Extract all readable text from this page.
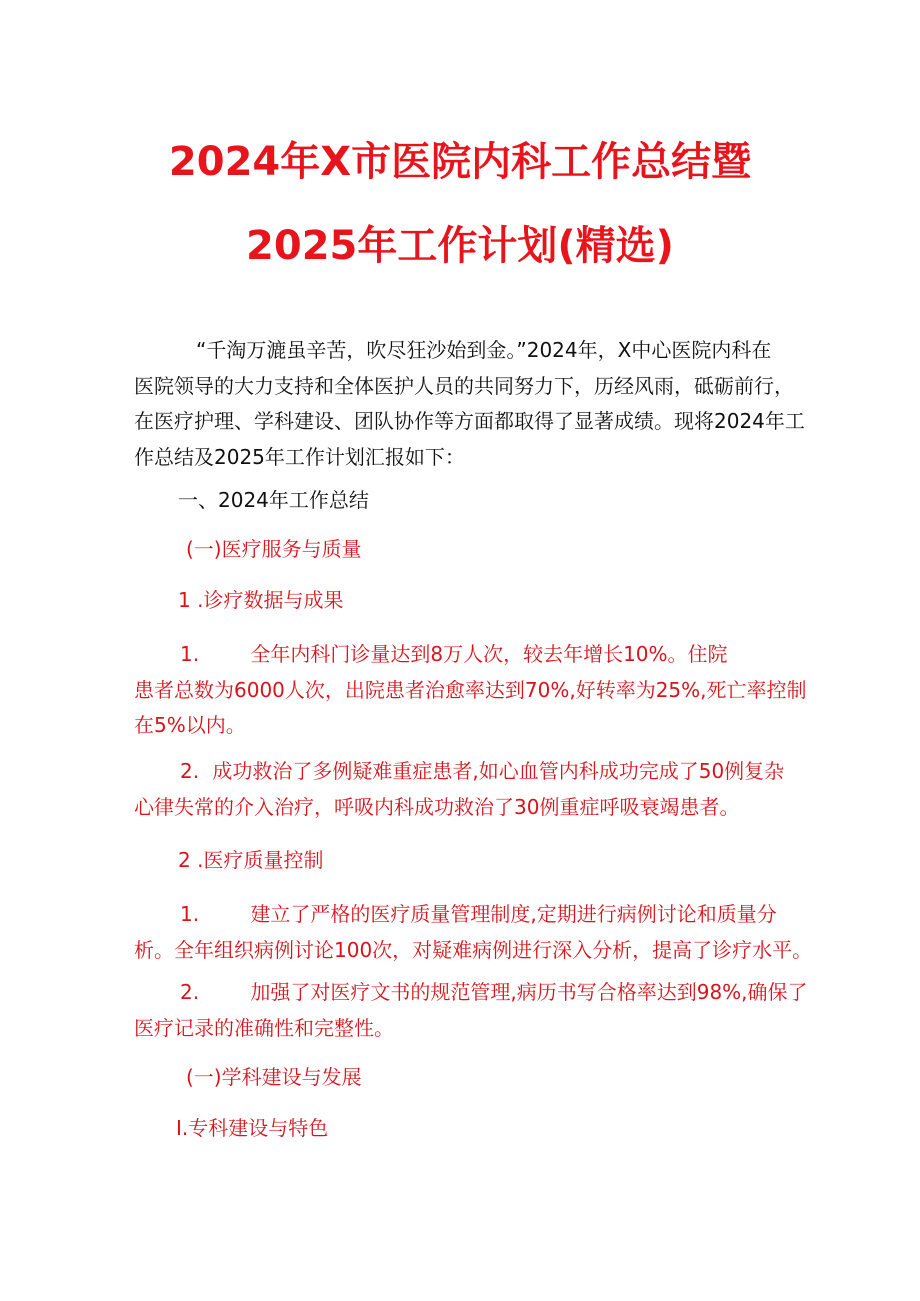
2024年X市医院内科工作总结暨
2025年工作计划(精选)
“千淘万漉虽辛苦，吹尽狂沙始到金。”2024年，X中心医院内科在
医院领导的大力支持和全体医护人员的共同努力下，历经风雨，砥砺前行，
在医疗护理、学科建设、团队协作等方面都取得了显著成绩。现将2024年工
作总结及2025年工作计划汇报如下：
一、2024年工作总结
(一)医疗服务与质量
1 .诊疗数据与成果
1.	全年内科门诊量达到8万人次，较去年增长10%。住院
患者总数为6000人次，出院患者治愈率达到70%,好转率为25%,死亡率控制
在5%以内。
2. 成功救治了多例疑难重症患者,如心血管内科成功完成了50例复杂
心律失常的介入治疗，呼吸内科成功救治了30例重症呼吸衰竭患者。
2 .医疗质量控制
1.	建立了严格的医疗质量管理制度,定期进行病例讨论和质量分
析。全年组织病例讨论100次，对疑难病例进行深入分析，提高了诊疗水平。
2.	加强了对医疗文书的规范管理,病历书写合格率达到98%,确保了
医疗记录的准确性和完整性。
(一)学科建设与发展
I.专科建设与特色
